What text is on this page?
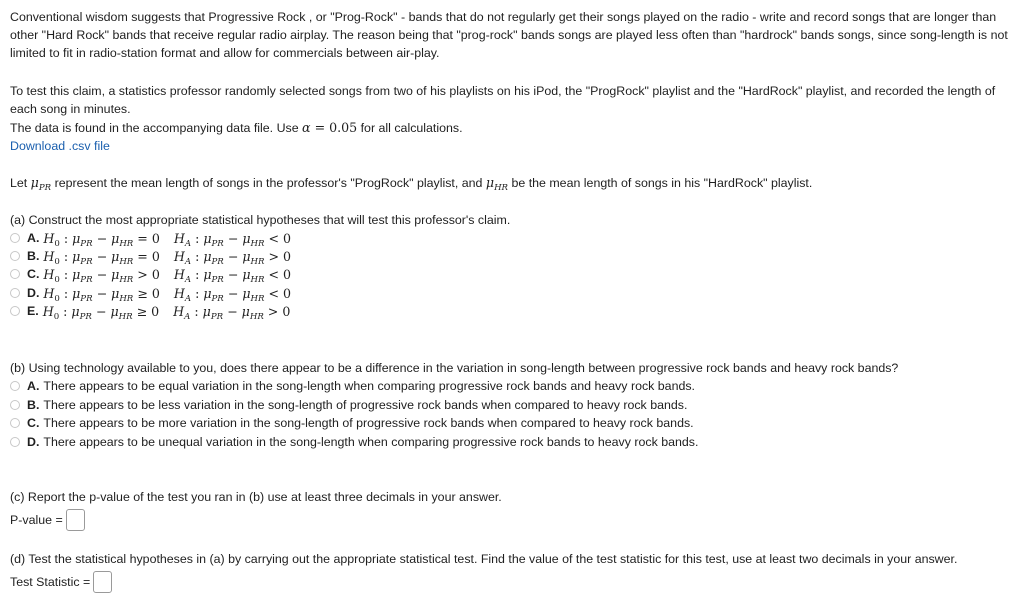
Conventional wisdom suggests that Progressive Rock , or "Prog-Rock" - bands that do not regularly get their songs played on the radio - write and record songs that are longer than other "Hard Rock" bands that receive regular radio airplay. The reason being that "prog-rock" bands songs are played less often than "hardrock" bands songs, since song-length is not limited to fit in radio-station format and allow for commercials between air-play.

To test this claim, a statistics professor randomly selected songs from two of his playlists on his iPod, the "ProgRock" playlist and the "HardRock" playlist, and recorded the length of each song in minutes.

The data is found in the accompanying data file. Use α = 0.05 for all calculations.

Download .csv file

Let $\mu_{PR}$ represent the mean length of songs in the professor's "ProgRock" playlist, and $\mu_{HR}$ be the mean length of songs in his "HardRock" playlist.

(a) Construct the most appropriate statistical hypotheses that will test this professor's claim.

A. $H_0$ : $\mu_{PR} - \mu_{HR} = 0$ $H_A$ : $\mu_{PR} - \mu_{HR} < 0$
B. $H_0$ : $\mu_{PR} - \mu_{HR} = 0$ $H_A$ : $\mu_{PR} - \mu_{HR} > 0$
C. $H_0$ : $\mu_{PR} - \mu_{HR} > 0$ $H_A$ : $\mu_{PR} - \mu_{HR} < 0$
D. $H_0$ : $\mu_{PR} - \mu_{HR} \ge 0$ $H_A$ : $\mu_{PR} - \mu_{HR} < 0$
E. $H_0$ : $\mu_{PR} - \mu_{HR} \ge 0$ $H_A$ : $\mu_{PR} - \mu_{HR} > 0$

(b) Using technology available to you, does there appear to be a difference in the variation in song-length between progressive rock bands and heavy rock bands?

A. There appears to be equal variation in the song-length when comparing progressive rock bands and heavy rock bands.
B. There appears to be less variation in the song-length of progressive rock bands when compared to heavy rock bands.
C. There appears to be more variation in the song-length of progressive rock bands when compared to heavy rock bands.
D. There appears to be unequal variation in the song-length when comparing progressive rock bands to heavy rock bands.

(c) Report the p-value of the test you ran in (b) use at least three decimals in your answer.

P-value =

(d) Test the statistical hypotheses in (a) by carrying out the appropriate statistical test. Find the value of the test statistic for this test, use at least two decimals in your answer.

Test Statistic =
